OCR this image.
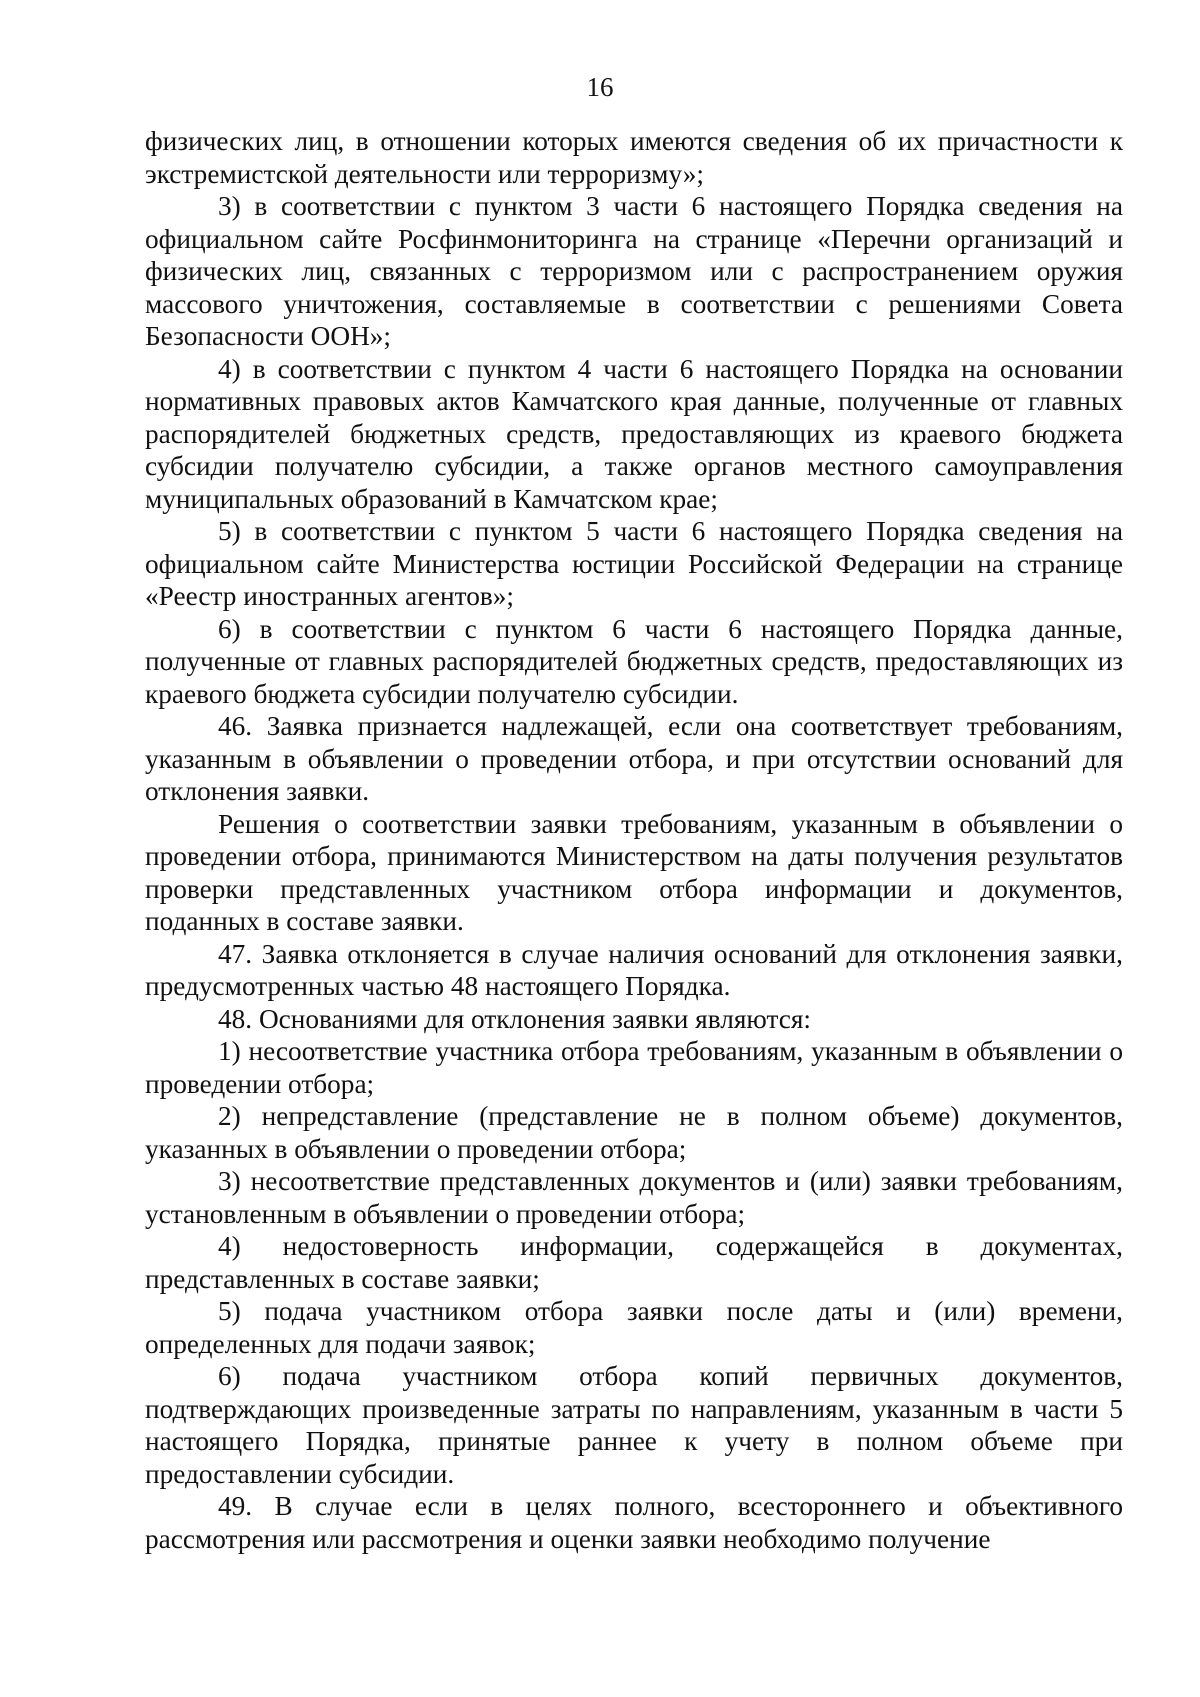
16

физических лиц, в отношении которых имеются сведения об их причастности к экстремистской деятельности или терроризму»;

3) в соответствии с пунктом 3 части 6 настоящего Порядка сведения на официальном сайте Росфинмониторинга на странице «Перечни организаций и физических лиц, связанных с терроризмом или с распространением оружия массового уничтожения, составляемые в соответствии с решениями Совета Безопасности ООН»;

4) в соответствии с пунктом 4 части 6 настоящего Порядка на основании нормативных правовых актов Камчатского края данные, полученные от главных распорядителей бюджетных средств, предоставляющих из краевого бюджета субсидии получателю субсидии, а также органов местного самоуправления муниципальных образований в Камчатском крае;

5) в соответствии с пунктом 5 части 6 настоящего Порядка сведения на официальном сайте Министерства юстиции Российской Федерации на странице «Реестр иностранных агентов»;

6) в соответствии с пунктом 6 части 6 настоящего Порядка данные, полученные от главных распорядителей бюджетных средств, предоставляющих из краевого бюджета субсидии получателю субсидии.

46. Заявка признается надлежащей, если она соответствует требованиям, указанным в объявлении о проведении отбора, и при отсутствии оснований для отклонения заявки.

Решения о соответствии заявки требованиям, указанным в объявлении о проведении отбора, принимаются Министерством на даты получения результатов проверки представленных участником отбора информации и документов, поданных в составе заявки.

47. Заявка отклоняется в случае наличия оснований для отклонения заявки, предусмотренных частью 48 настоящего Порядка.

48. Основаниями для отклонения заявки являются:

1) несоответствие участника отбора требованиям, указанным в объявлении о проведении отбора;

2) непредставление (представление не в полном объеме) документов, указанных в объявлении о проведении отбора;

3) несоответствие представленных документов и (или) заявки требованиям, установленным в объявлении о проведении отбора;

4) недостоверность информации, содержащейся в документах, представленных в составе заявки;

5) подача участником отбора заявки после даты и (или) времени, определенных для подачи заявок;

6) подача участником отбора копий первичных документов, подтверждающих произведенные затраты по направлениям, указанным в части 5 настоящего Порядка, принятые раннее к учету в полном объеме при предоставлении субсидии.

49. В случае если в целях полного, всестороннего и объективного рассмотрения или рассмотрения и оценки заявки необходимо получение
